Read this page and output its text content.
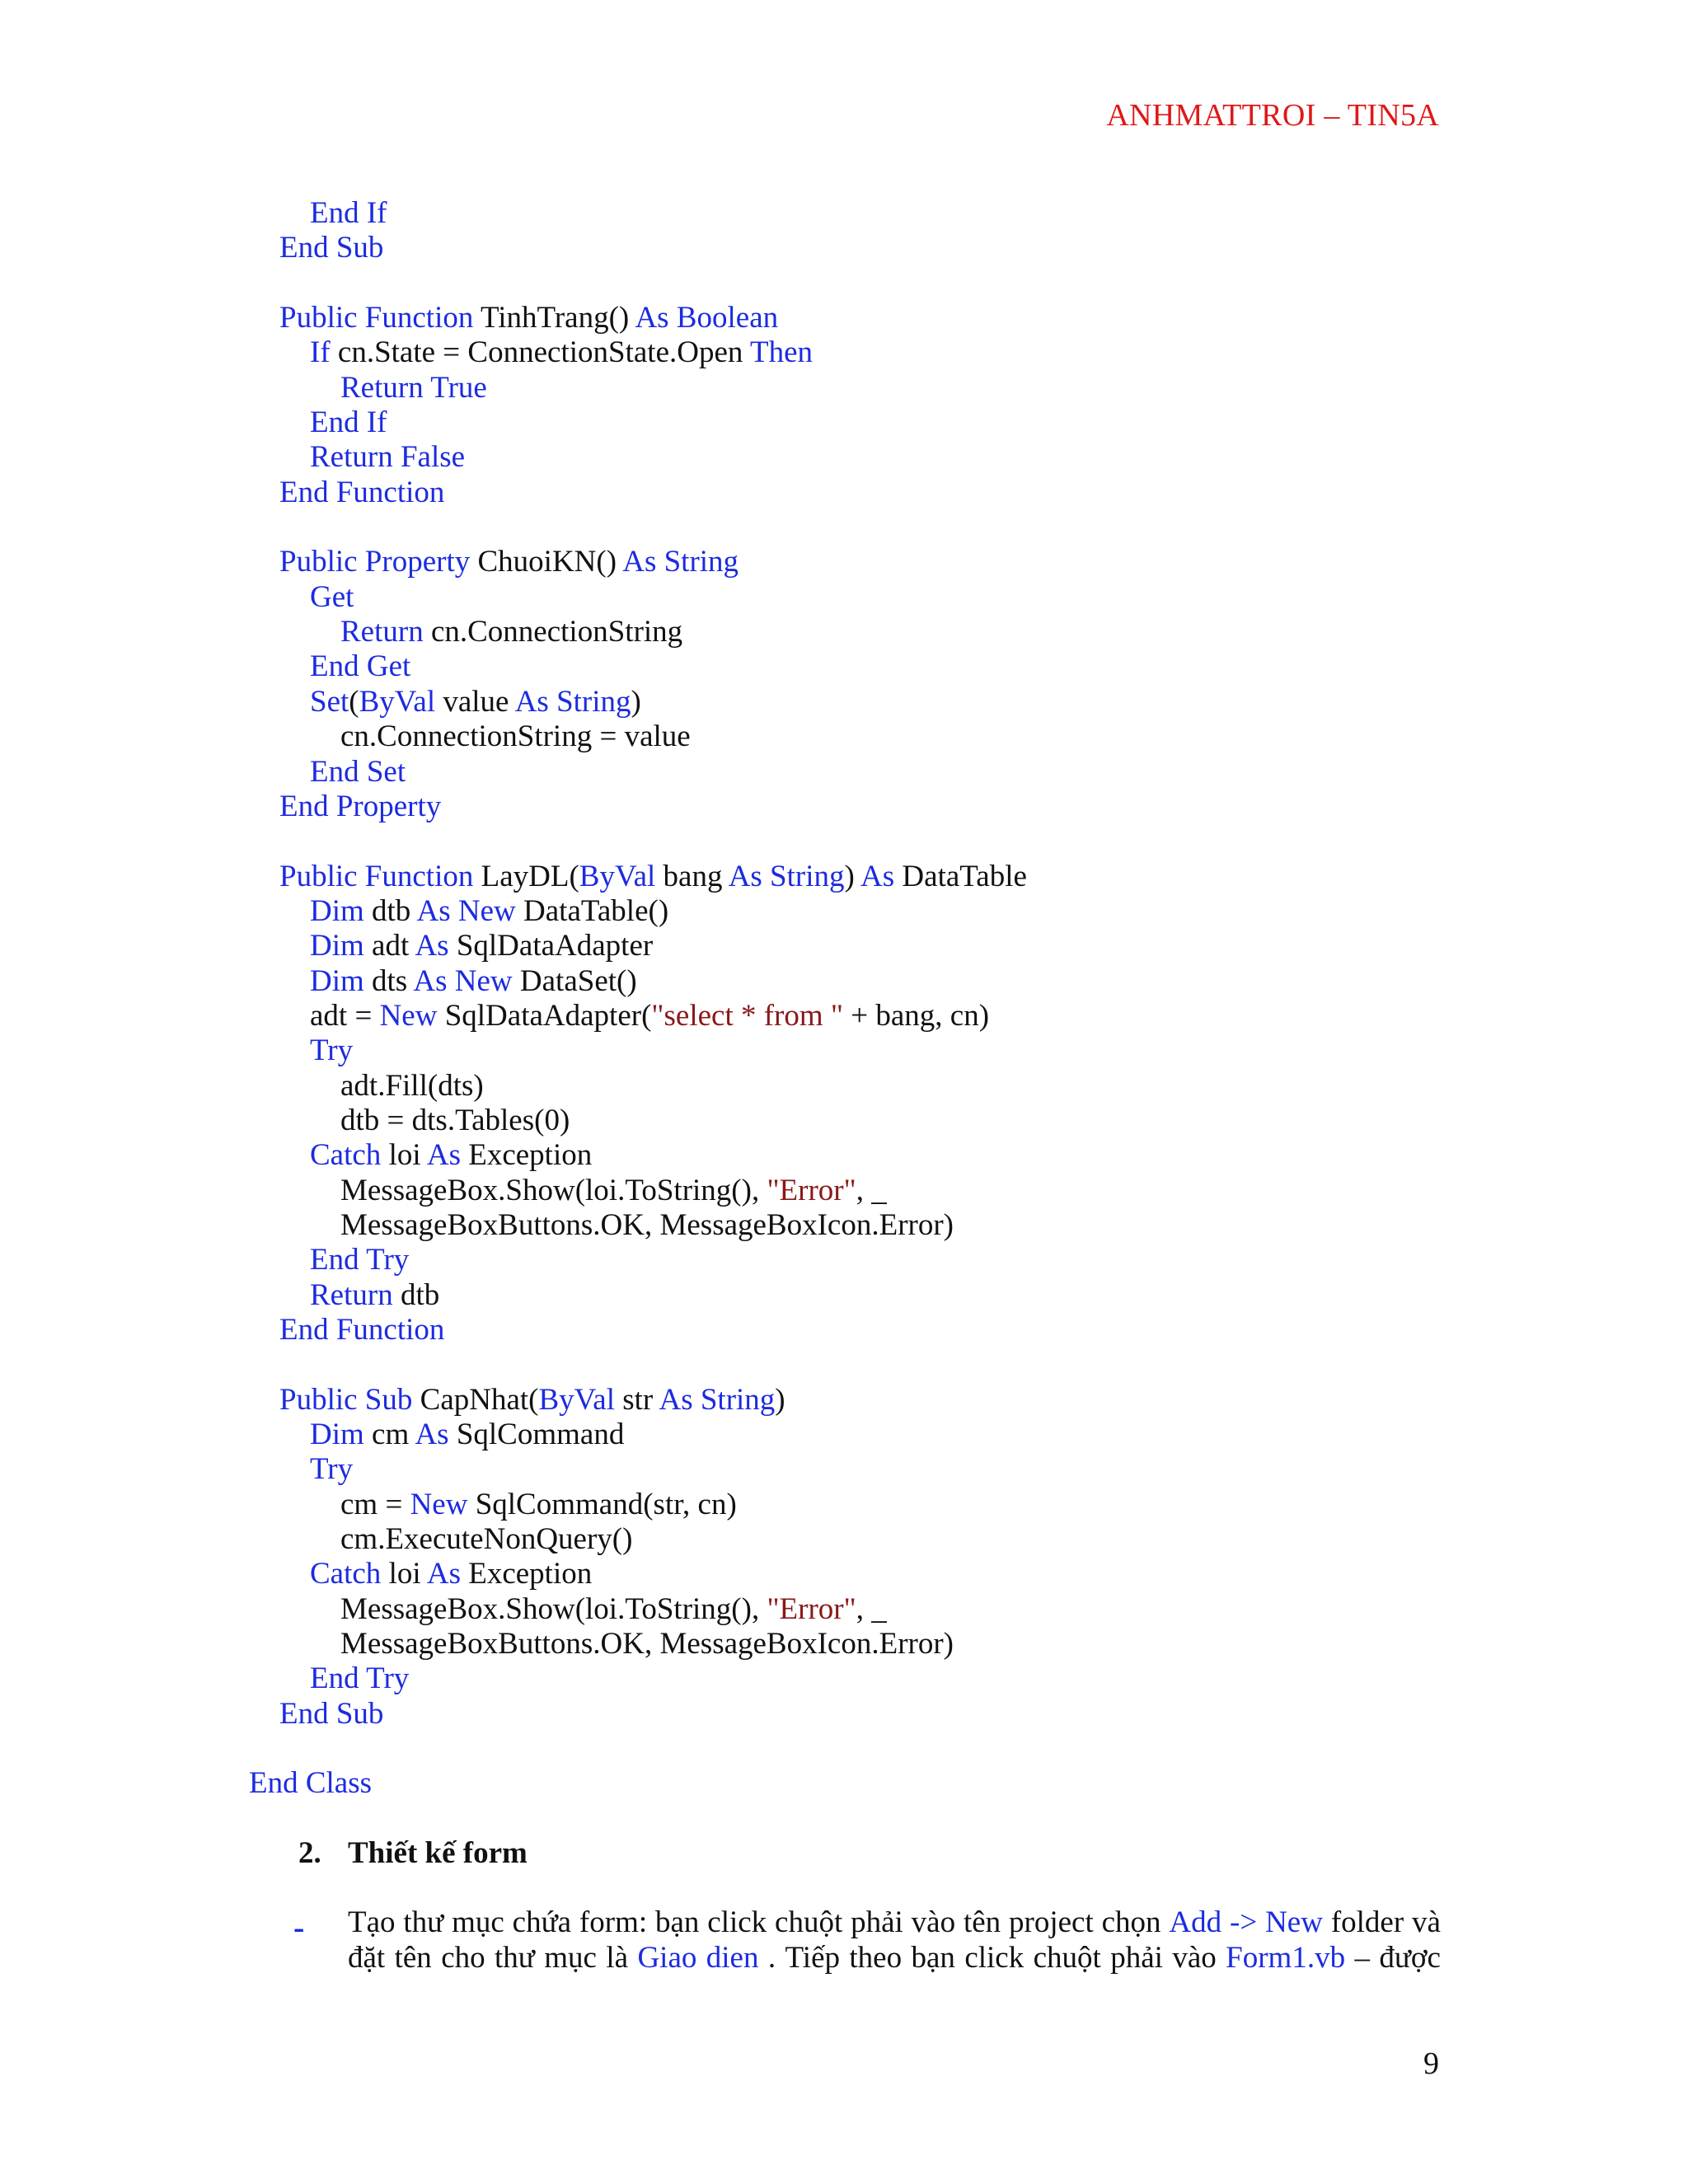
ANHMATTROI – TIN5A
End If
End Sub
Public Function TinhTrang() As Boolean
If cn.State = ConnectionState.Open Then
Return True
End If
Return False
End Function
Public Property ChuoiKN() As String
Get
Return cn.ConnectionString
End Get
Set(ByVal value As String)
cn.ConnectionString = value
End Set
End Property
Public Function LayDL(ByVal bang As String) As DataTable
Dim dtb As New DataTable()
Dim adt As SqlDataAdapter
Dim dts As New DataSet()
adt = New SqlDataAdapter("select * from " + bang, cn)
Try
adt.Fill(dts)
dtb = dts.Tables(0)
Catch loi As Exception
MessageBox.Show(loi.ToString(), "Error", _
MessageBoxButtons.OK, MessageBoxIcon.Error)
End Try
Return dtb
End Function
Public Sub CapNhat(ByVal str As String)
Dim cm As SqlCommand
Try
cm = New SqlCommand(str, cn)
cm.ExecuteNonQuery()
Catch loi As Exception
MessageBox.Show(loi.ToString(), "Error", _
MessageBoxButtons.OK, MessageBoxIcon.Error)
End Try
End Sub
End Class
2. Thiết kế form
- Tạo thư mục chứa form: bạn click chuột phải vào tên project chọn Add -> New folder và
đặt tên cho thư mục là Giao dien . Tiếp theo bạn click chuột phải vào Form1.vb – được
9
